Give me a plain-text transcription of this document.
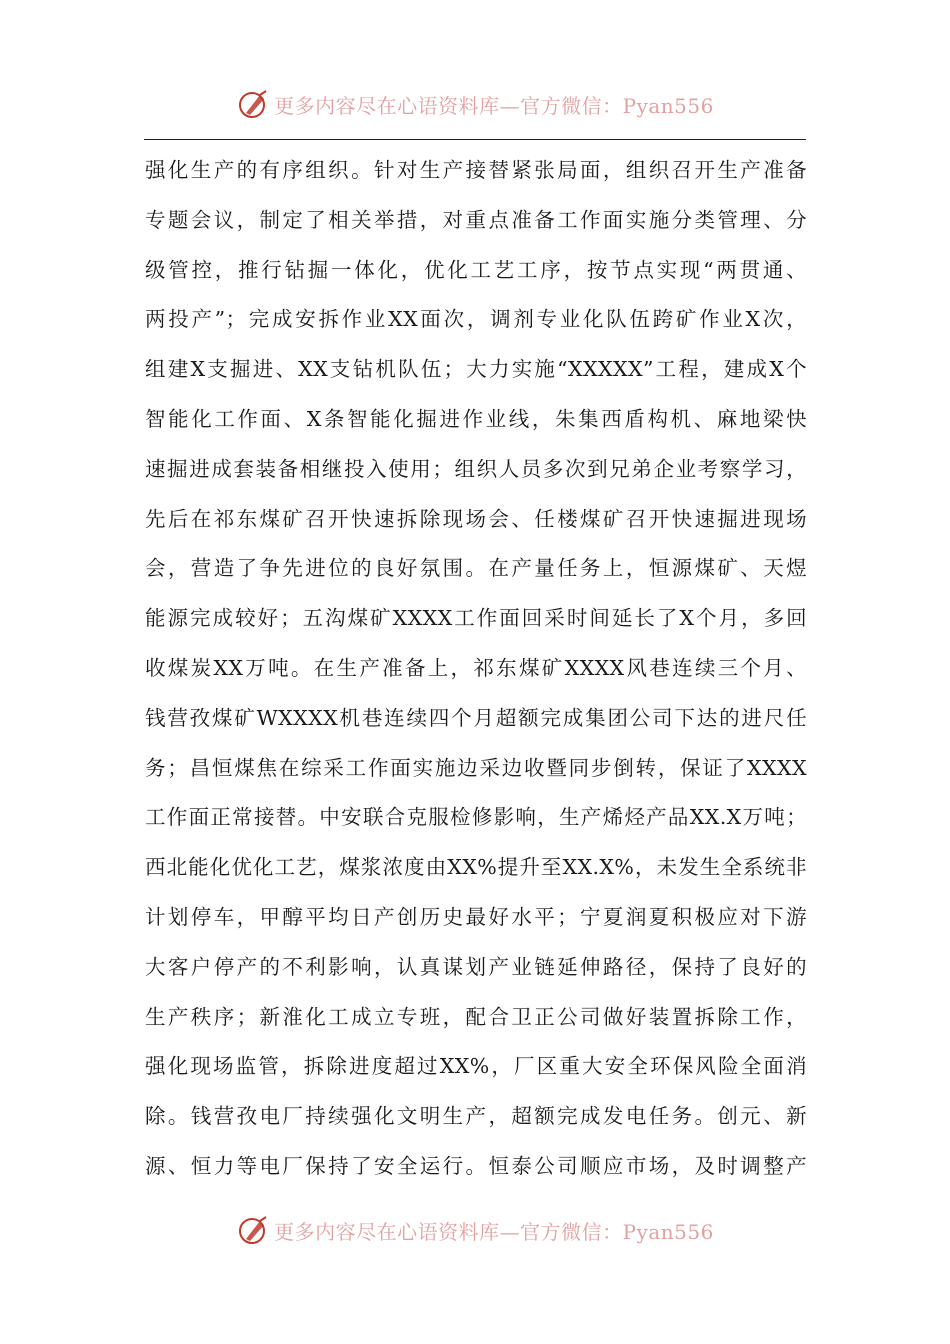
更多内容尽在心语资料库—官方微信：Pyan556
强化生产的有序组织。针对生产接替紧张局面，组织召开生产准备
专题会议，制定了相关举措，对重点准备工作面实施分类管理、分
级管控，推行钻掘一体化，优化工艺工序，按节点实现“两贯通、
两投产”；完成安拆作业XX面次，调剂专业化队伍跨矿作业X次，
组建X支掘进、XX支钻机队伍；大力实施“XXXXX”工程，建成X个
智能化工作面、X条智能化掘进作业线，朱集西盾构机、麻地梁快
速掘进成套装备相继投入使用；组织人员多次到兄弟企业考察学习，
先后在祁东煤矿召开快速拆除现场会、任楼煤矿召开快速掘进现场
会，营造了争先进位的良好氛围。在产量任务上，恒源煤矿、天煜
能源完成较好；五沟煤矿XXXX工作面回采时间延长了X个月，多回
收煤炭XX万吨。在生产准备上，祁东煤矿XXXX风巷连续三个月、
钱营孜煤矿WXXXX机巷连续四个月超额完成集团公司下达的进尺任
务；昌恒煤焦在综采工作面实施边采边收暨同步倒转，保证了XXXX
工作面正常接替。中安联合克服检修影响，生产烯烃产品XX.X万吨；
西北能化优化工艺，煤浆浓度由XX%提升至XX.X%，未发生全系统非
计划停车，甲醇平均日产创历史最好水平；宁夏润夏积极应对下游
大客户停产的不利影响，认真谋划产业链延伸路径，保持了良好的
生产秩序；新淮化工成立专班，配合卫正公司做好装置拆除工作，
强化现场监管，拆除进度超过XX%，厂区重大安全环保风险全面消
除。钱营孜电厂持续强化文明生产，超额完成发电任务。创元、新
源、恒力等电厂保持了安全运行。恒泰公司顺应市场，及时调整产
更多内容尽在心语资料库—官方微信：Pyan556
